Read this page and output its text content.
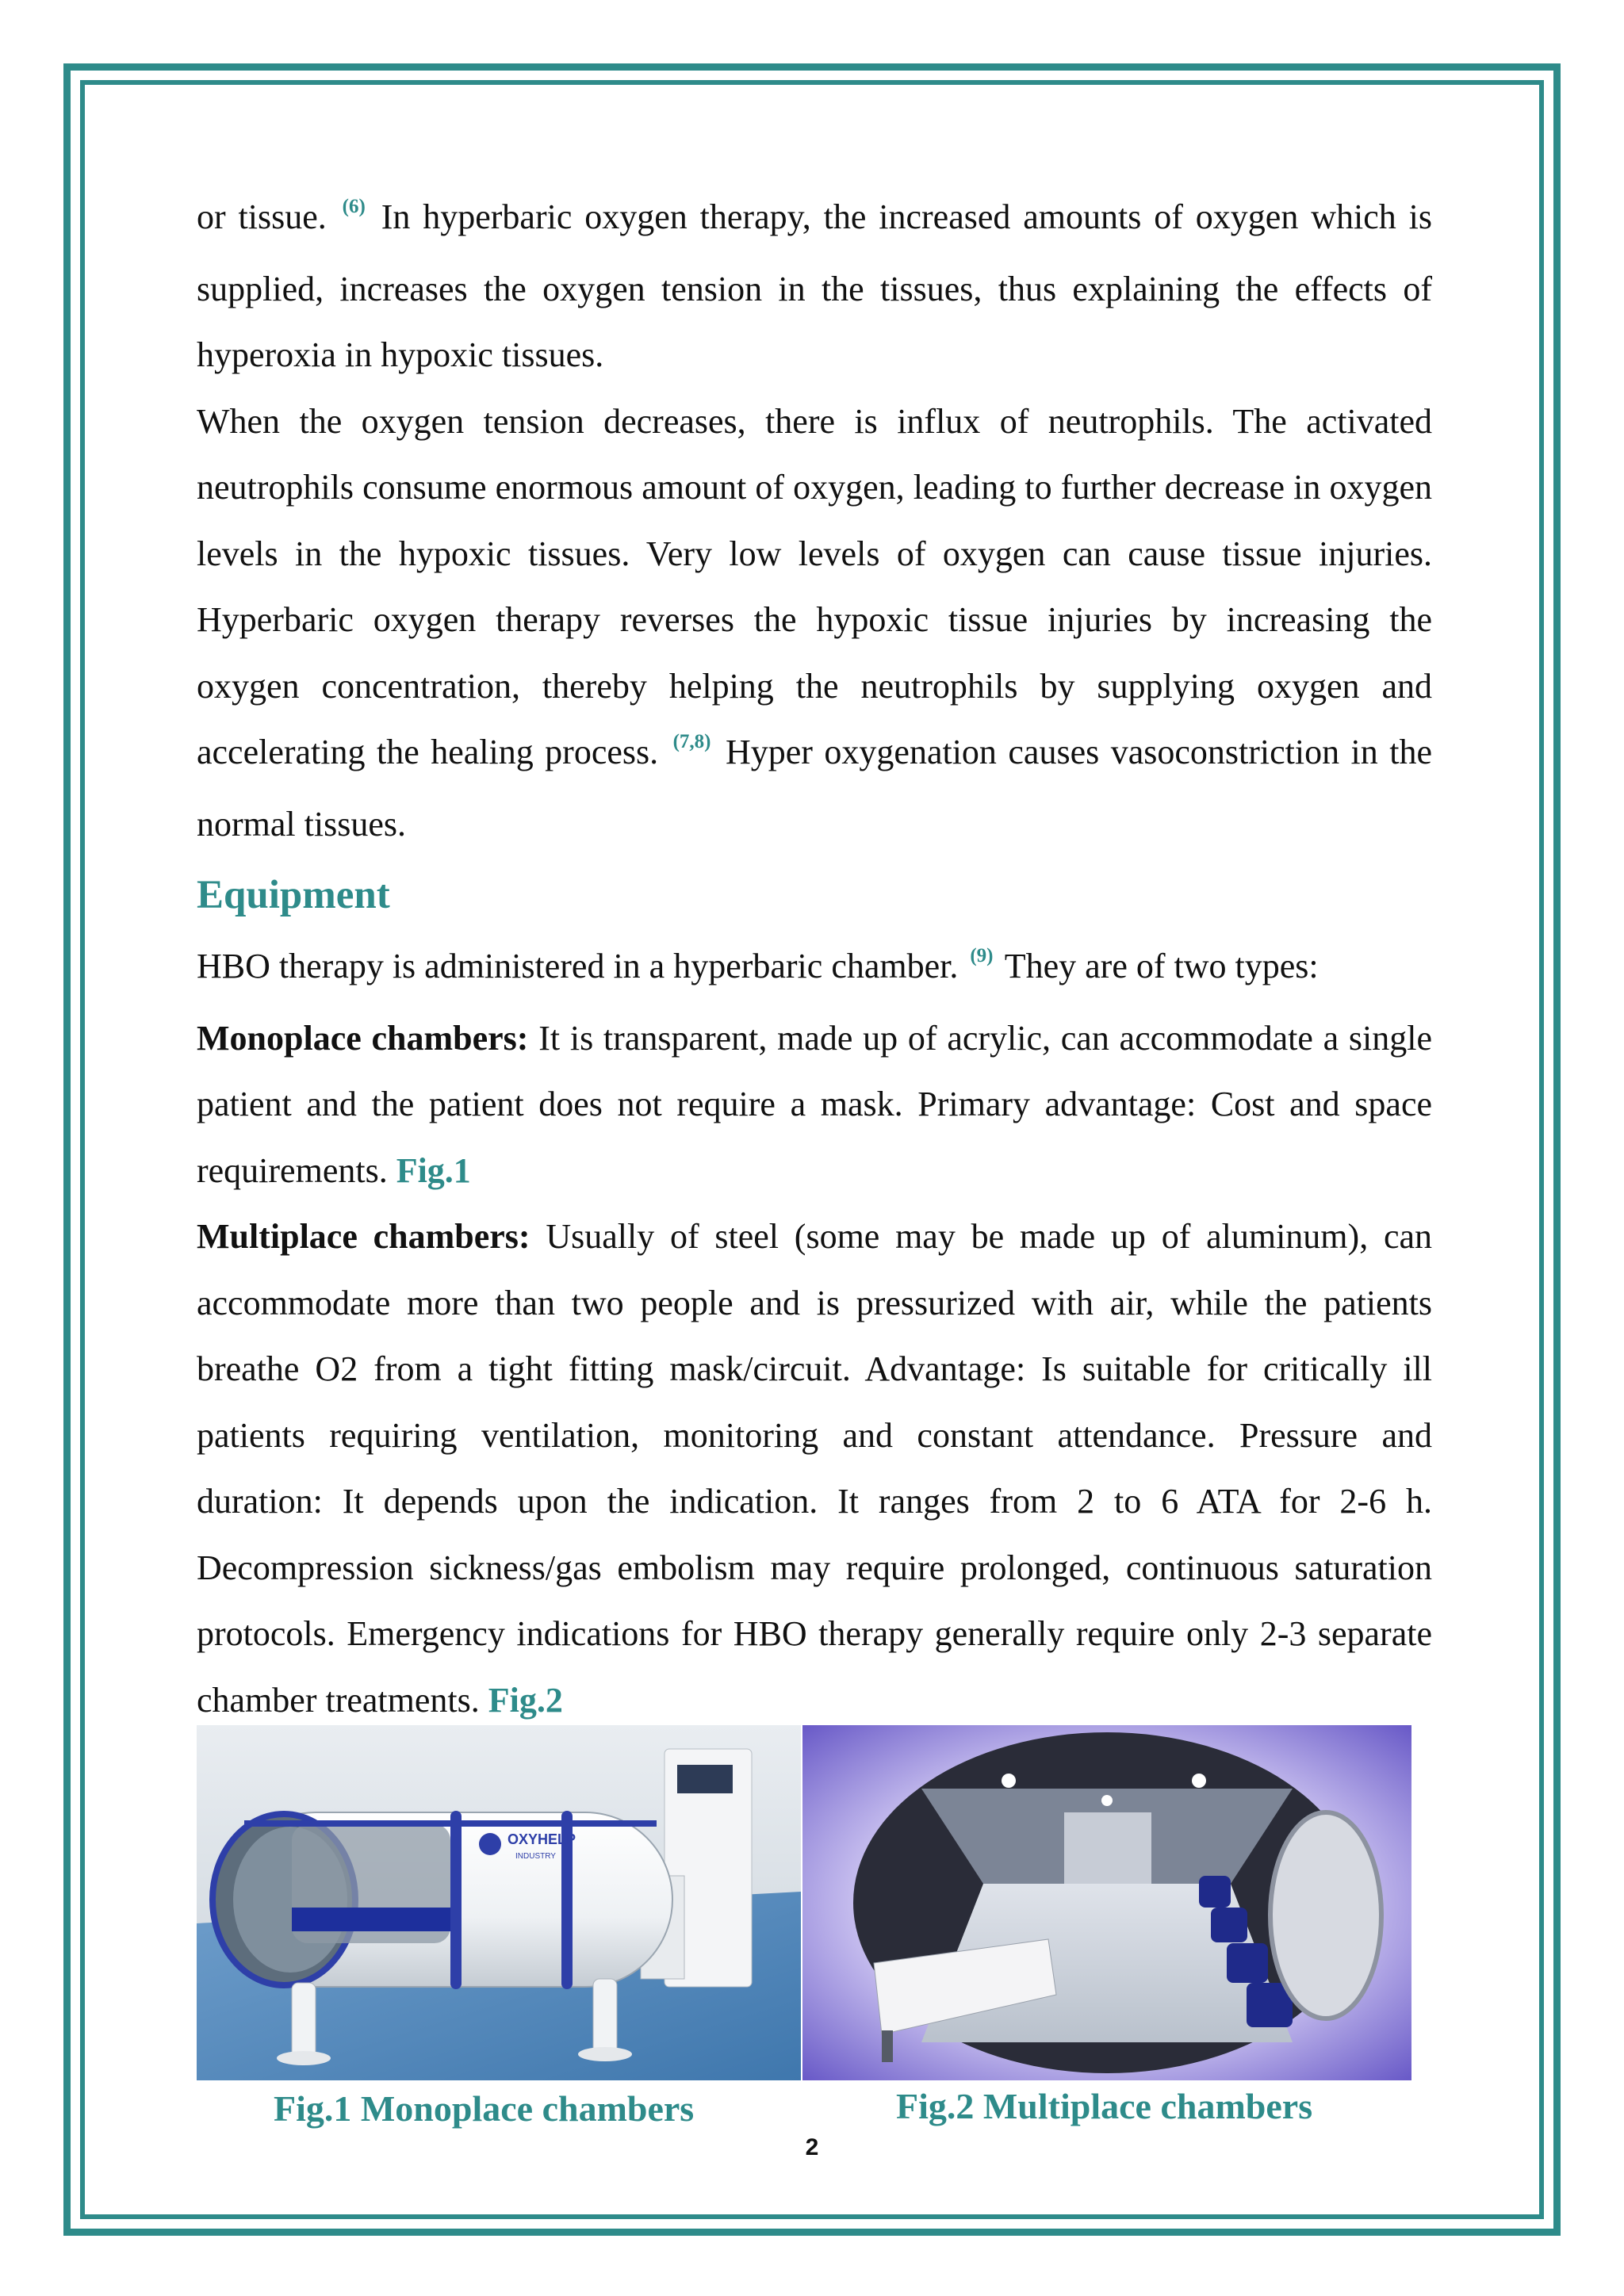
or tissue. $^{(6)}$ In hyperbaric oxygen therapy, the increased amounts of oxygen which is supplied, increases the oxygen tension in the tissues, thus explaining the effects of hyperoxia in hypoxic tissues.

When the oxygen tension decreases, there is influx of neutrophils. The activated neutrophils consume enormous amount of oxygen, leading to further decrease in oxygen levels in the hypoxic tissues. Very low levels of oxygen can cause tissue injuries. Hyperbaric oxygen therapy reverses the hypoxic tissue injuries by increasing the oxygen concentration, thereby helping the neutrophils by supplying oxygen and accelerating the healing process. $^{(7,8)}$ Hyper oxygenation causes vasoconstriction in the normal tissues.

Equipment

HBO therapy is administered in a hyperbaric chamber. $^{(9)}$ They are of two types:

Monoplace chambers: It is transparent, made up of acrylic, can accommodate a single patient and the patient does not require a mask. Primary advantage: Cost and space requirements. Fig.1

Multiplace chambers: Usually of steel (some may be made up of aluminum), can accommodate more than two people and is pressurized with air, while the patients breathe O2 from a tight fitting mask/circuit. Advantage: Is suitable for critically ill patients requiring ventilation, monitoring and constant attendance. Pressure and duration: It depends upon the indication. It ranges from 2 to 6 ATA for 2-6 h. Decompression sickness/gas embolism may require prolonged, continuous saturation protocols. Emergency indications for HBO therapy generally require only 2-3 separate chamber treatments. Fig.2

OXYHELP
INDUSTRY
Fig.1 Monoplace chambers	Fig.2 Multiplace chambers
2
